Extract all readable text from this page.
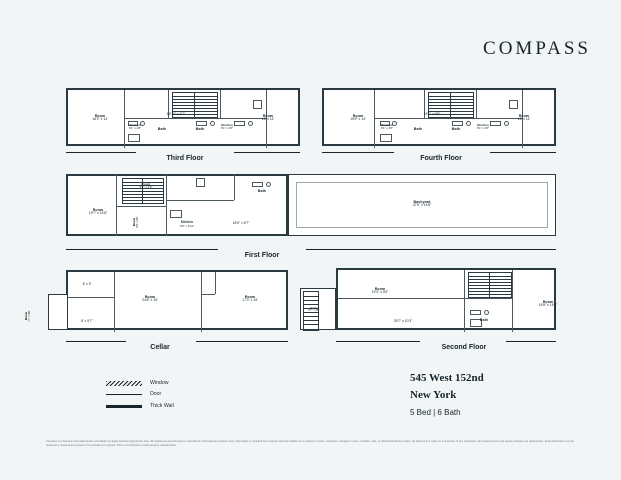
COMPASS
Room
18'3" x 14'
Room
16' x 14'
18'10" x 6'7"
Bath	Bath
Kitchen
9'1" x 4'6"
Kitchen
9'1" x 4'6"
Third Floor
Room
15'9" x 14'
Room
16' x 14'
18'6" x 6'9"
Bath	Bath
Kitchen
9'1" x 4'6"
Kitchen
9'1" x 4'6"
Fourth Floor
Room
19'7" x 14'8"
Room
9'9" x 4'6"
Kitchen
9'5" x 5'11"
Room 9'4" x 3'9"
Bath
18'5" x 8'7"
Backyard
37'6" x 14'8"
First Floor
8' x 9'
8' x 5'7"
Room
24'8" x 15'
Room
17'3" x 15'
Room 7'7" x 3'8"
Cellar
Room
19'3" x 9'6"
Room
16'5" x 14'9"
25'7" x 10'3"	Bath
Entry
5'7" x 4'5"
Second Floor
Window
Door
Thick Wall
545 West 152nd
New York
5 Bed | 6 Bath
Compass is a licensed real estate broker and abides by Equal Housing Opportunity laws. All material presented herein is intended for informational purposes only. Information is compiled from sources deemed reliable but is subject to errors, omissions, changes in price, condition, sale, or withdrawal without notice. No statement is made as to accuracy of any description. All measurements and square footages are approximate. Exact dimensions can be obtained by retaining the services of an architect or engineer. This is not intended to solicit property already listed.
